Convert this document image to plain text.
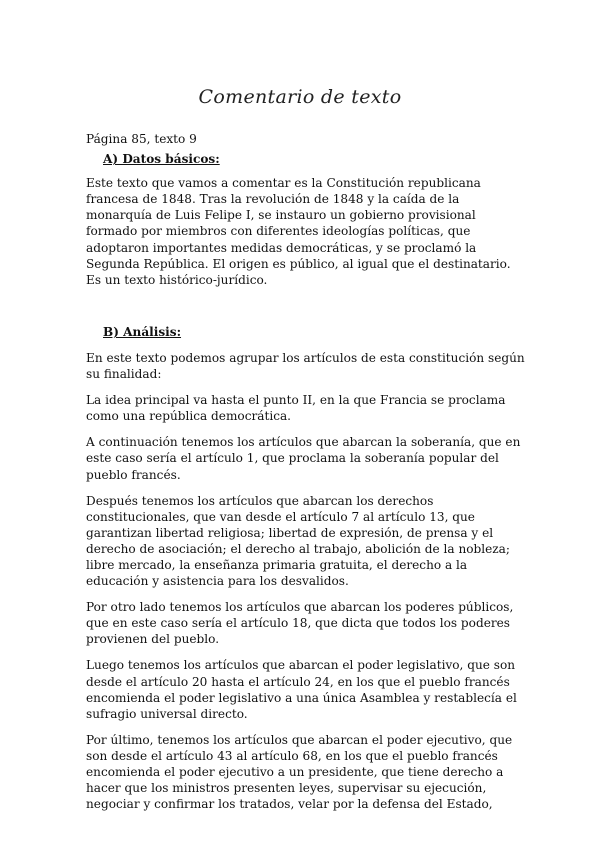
Comentario de texto

Página 85, texto 9

A) Datos básicos:

Este texto que vamos a comentar es la Constitución republicana francesa de 1848. Tras la revolución de 1848 y la caída de la monarquía de Luis Felipe I, se instauro un gobierno provisional formado por miembros con diferentes ideologías políticas, que adoptaron importantes medidas democráticas, y se proclamó la Segunda República. El origen es público, al igual que el destinatario. Es un texto histórico-jurídico.

B) Análisis:

En este texto podemos agrupar los artículos de esta constitución según su finalidad:

La idea principal va hasta el punto II, en la que Francia se proclama como una república democrática.

A continuación tenemos los artículos que abarcan la soberanía, que en este caso sería el artículo 1, que proclama la soberanía popular del pueblo francés.

Después tenemos los artículos que abarcan los derechos constitucionales, que van desde el artículo 7 al artículo 13, que garantizan libertad religiosa; libertad de expresión, de prensa y el derecho de asociación; el derecho al trabajo, abolición de la nobleza; libre mercado, la enseñanza primaria gratuita, el derecho a la educación y asistencia para los desvalidos.

Por otro lado tenemos los artículos que abarcan los poderes públicos, que en este caso sería el artículo 18, que dicta que todos los poderes provienen del pueblo.

Luego tenemos los artículos que abarcan el poder legislativo, que son desde el artículo 20 hasta el artículo 24, en los que el pueblo francés encomienda el poder legislativo a una única Asamblea y restablecía el sufragio universal directo.

Por último, tenemos los artículos que abarcan el poder ejecutivo, que son desde el artículo 43 al artículo 68, en los que el pueblo francés encomienda el poder ejecutivo a un presidente, que tiene derecho a hacer que los ministros presenten leyes, supervisar su ejecución, negociar y confirmar los tratados, velar por la defensa del Estado,
